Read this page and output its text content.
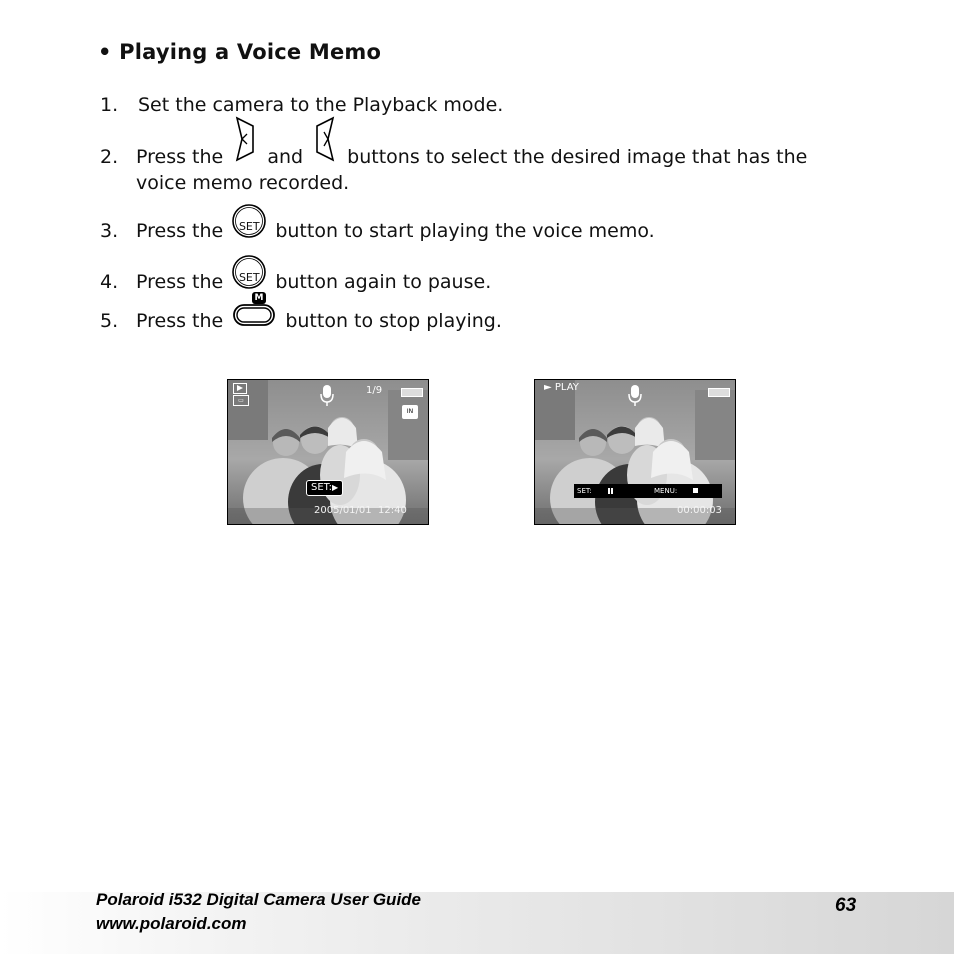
• Playing a Voice Memo
1. Set the camera to the Playback mode.
2. Press the and buttons to select the desired image that has the
voice memo recorded.
3. Press the	SET button to start playing the voice memo.
4. Press the	SET button again to pause.
M
5. Press the	button to stop playing.
▭
1/9
IN
SET:▶
2005/01/01  12:40
► PLAY
SET:	MENU:
00:00:03
Polaroid i532 Digital Camera User Guide
www.polaroid.com
63
